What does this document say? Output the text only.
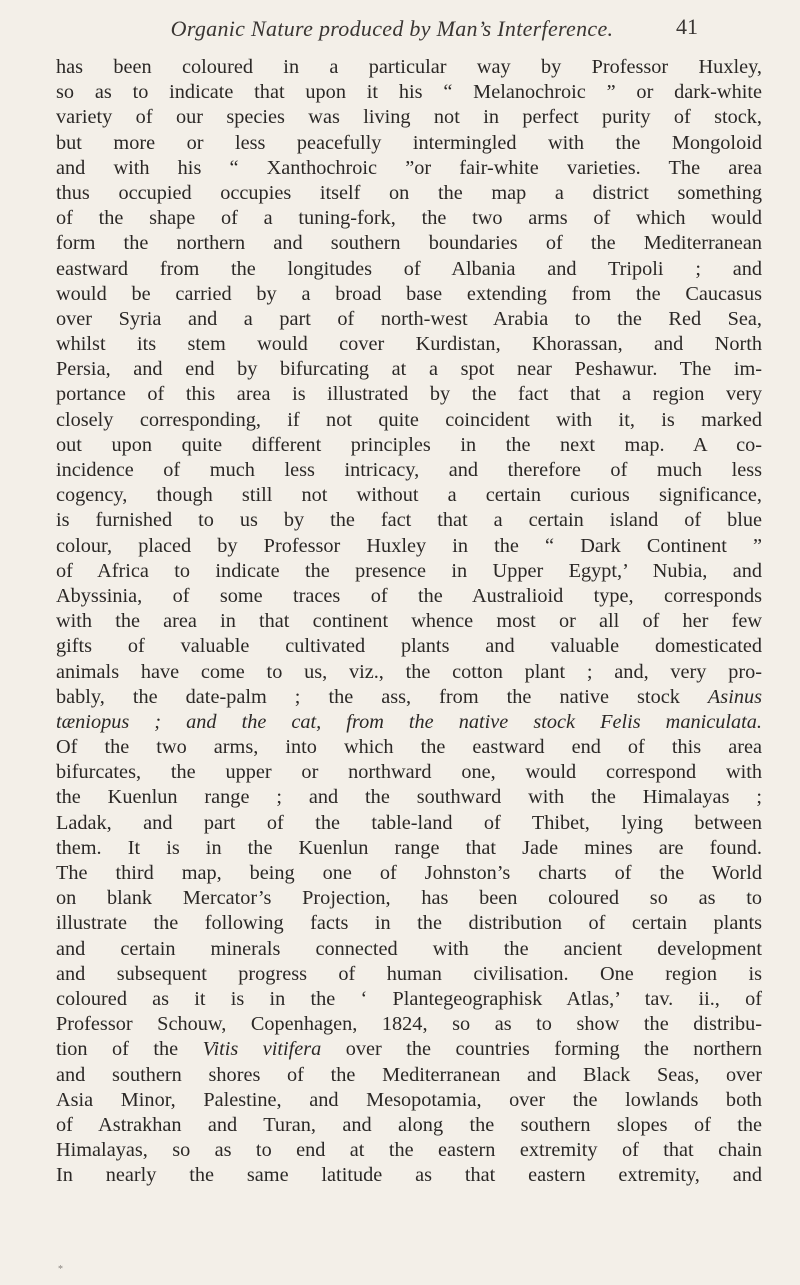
Organic Nature produced by Man’s Interference.	41
has been coloured in a particular way by Professor Huxley,
so as to indicate that upon it his “ Melanochroic ” or dark-white
variety of our species was living not in perfect purity of stock,
but more or less peacefully intermingled with the Mongoloid
and with his “ Xanthochroic ”or fair-white varieties. The area
thus occupied occupies itself on the map a district something
of the shape of a tuning-fork, the two arms of which would
form the northern and southern boundaries of the Mediterranean
eastward from the longitudes of Albania and Tripoli ; and
would be carried by a broad base extending from the Caucasus
over Syria and a part of north-west Arabia to the Red Sea,
whilst its stem would cover Kurdistan, Khorassan, and North
Persia, and end by bifurcating at a spot near Peshawur. The im-
portance of this area is illustrated by the fact that a region very
closely corresponding, if not quite coincident with it, is marked
out upon quite different principles in the next map. A co-
incidence of much less intricacy, and therefore of much less
cogency, though still not without a certain curious significance,
is furnished to us by the fact that a certain island of blue
colour, placed by Professor Huxley in the “ Dark Continent ”
of Africa to indicate the presence in Upper Egypt,’ Nubia, and
Abyssinia, of some traces of the Australioid type, corresponds
with the area in that continent whence most or all of her few
gifts of valuable cultivated plants and valuable domesticated
animals have come to us, viz., the cotton plant ; and, very pro-
bably, the date-palm ; the ass, from the native stock Asinus
tæniopus ; and the cat, from the native stock Felis maniculata.
Of the two arms, into which the eastward end of this area
bifurcates, the upper or northward one, would correspond with
the Kuenlun range ; and the southward with the Himalayas ;
Ladak, and part of the table-land of Thibet, lying between
them. It is in the Kuenlun range that Jade mines are found.
The third map, being one of Johnston’s charts of the World
on blank Mercator’s Projection, has been coloured so as to
illustrate the following facts in the distribution of certain plants
and certain minerals connected with the ancient development
and subsequent progress of human civilisation. One region is
coloured as it is in the ‘ Plantegeographisk Atlas,’ tav. ii., of
Professor Schouw, Copenhagen, 1824, so as to show the distribu-
tion of the Vitis vitifera over the countries forming the northern
and southern shores of the Mediterranean and Black Seas, over
Asia Minor, Palestine, and Mesopotamia, over the lowlands both
of Astrakhan and Turan, and along the southern slopes of the
Himalayas, so as to end at the eastern extremity of that chain
In nearly the same latitude as that eastern extremity, and
*
